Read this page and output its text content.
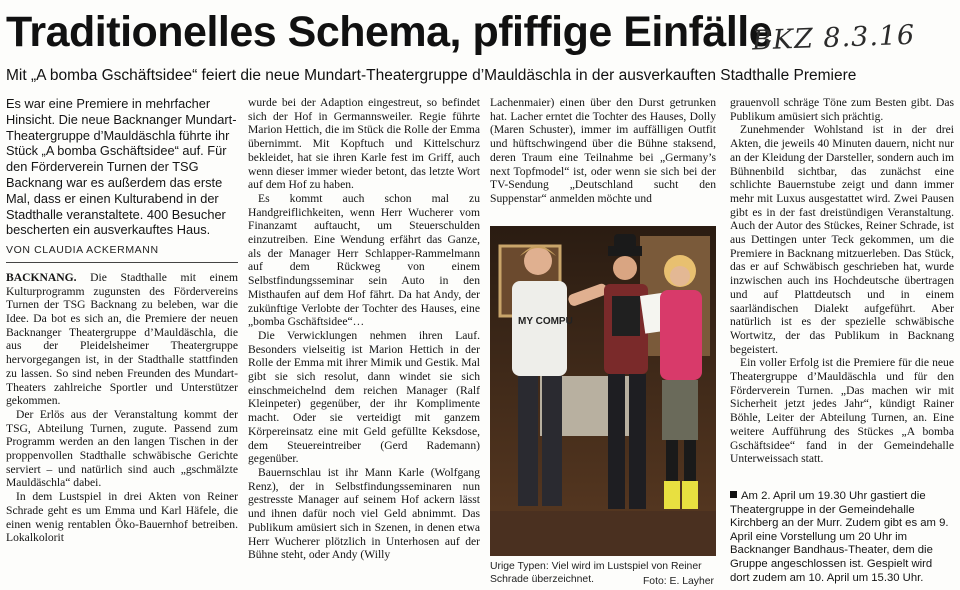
Traditionelles Schema, pfiffige Einfälle
BKZ 8.3.16
Mit „A bomba Gschäftsidee“ feiert die neue Mundart-Theatergruppe d’Mauldäschla in der ausverkauften Stadthalle Premiere

Es war eine Premiere in mehrfacher Hinsicht. Die neue Backnanger Mundart-Theatergruppe d’Mauldäschla führte ihr Stück „A bomba Gschäftsidee“ auf. Für den Förderverein Turnen der TSG Backnang war es außerdem das erste Mal, dass er einen Kulturabend in der Stadthalle veranstaltete. 400 Besucher bescherten ein ausverkauftes Haus.

VON CLAUDIA ACKERMANN

BACKNANG. Die Stadthalle mit einem Kulturprogramm zugunsten des Fördervereins Turnen der TSG Backnang zu beleben, war die Idee. Da bot es sich an, die Premiere der neuen Backnanger Theatergruppe d’Mauldäschla, die aus der Pleidelsheimer Theatergruppe hervorgegangen ist, in der Stadthalle stattfinden zu lassen. So sind neben Freunden des Mundart-Theaters zahlreiche Sportler und Unterstützer gekommen.

Der Erlös aus der Veranstaltung kommt der TSG, Abteilung Turnen, zugute. Passend zum Programm werden an den langen Tischen in der proppenvollen Stadthalle schwäbische Gerichte serviert – und natürlich sind auch „gschmälzte Mauldäschla“ dabei.

In dem Lustspiel in drei Akten von Reiner Schrade geht es um Emma und Karl Häfele, die einen wenig rentablen Öko-Bauernhof betreiben. Lokalkolorit

wurde bei der Adaption eingestreut, so befindet sich der Hof in Germannsweiler. Regie führte Marion Hettich, die im Stück die Rolle der Emma übernimmt. Mit Kopftuch und Kittelschurz bekleidet, hat sie ihren Karle fest im Griff, auch wenn dieser immer wieder betont, das letzte Wort auf dem Hof zu haben.

Es kommt auch schon mal zu Handgreiflichkeiten, wenn Herr Wucherer vom Finanzamt auftaucht, um Steuerschulden einzutreiben. Eine Wendung erfährt das Ganze, als der Manager Herr Schlapper-Rammelmann auf dem Rückweg von einem Selbstfindungsseminar sein Auto in den Misthaufen auf dem Hof fährt. Da hat Andy, der zukünftige Verlobte der Tochter des Hauses, eine „bomba Gschäftsidee“…

Die Verwicklungen nehmen ihren Lauf. Besonders vielseitig ist Marion Hettich in der Rolle der Emma mit ihrer Mimik und Gestik. Mal gibt sie sich resolut, dann windet sie sich einschmeichelnd dem reichen Manager (Ralf Kleinpeter) gegenüber, der ihr Komplimente macht. Oder sie verteidigt mit ganzem Körpereinsatz eine mit Geld gefüllte Keksdose, dem Steuereintreiber (Gerd Rademann) gegenüber.

Bauernschlau ist ihr Mann Karle (Wolfgang Renz), der in Selbstfindungsseminaren nun gestresste Manager auf seinem Hof ackern lässt und ihnen dafür noch viel Geld abnimmt. Das Publikum amüsiert sich in Szenen, in denen etwa Herr Wucherer plötzlich in Unterhosen auf der Bühne steht, oder Andy (Willy

Lachenmaier) einen über den Durst getrunken hat. Lacher erntet die Tochter des Hauses, Dolly (Maren Schuster), immer im auffälligen Outfit und hüftschwingend über die Bühne staksend, deren Traum eine Teilnahme bei „Germany’s next Topfmodel“ ist, oder wenn sie sich bei der TV-Sendung „Deutschland sucht den Suppenstar“ anmelden möchte und

MY COMPU
Urige Typen: Viel wird im Lustspiel von Reiner Schrade überzeichnet.	Foto: E. Layher

grauenvoll schräge Töne zum Besten gibt. Das Publikum amüsiert sich prächtig.

Zunehmender Wohlstand ist in der drei Akten, die jeweils 40 Minuten dauern, nicht nur an der Kleidung der Darsteller, sondern auch im Bühnenbild sichtbar, das zunächst eine schlichte Bauernstube zeigt und dann immer mehr mit Luxus ausgestattet wird. Zwei Pausen gibt es in der fast dreistündigen Veranstaltung. Auch der Autor des Stückes, Reiner Schrade, ist aus Dettingen unter Teck gekommen, um die Premiere in Backnang mitzuerleben. Das Stück, das er auf Schwäbisch geschrieben hat, wurde inzwischen auch ins Hochdeutsche übertragen und auf Plattdeutsch und in einem saarländischen Dialekt aufgeführt. Aber natürlich ist es der spezielle schwäbische Wortwitz, der das Publikum in Backnang begeistert.

Ein voller Erfolg ist die Premiere für die neue Theatergruppe d’Mauldäschla und für den Förderverein Turnen. „Das machen wir mit Sicherheit jetzt jedes Jahr“, kündigt Rainer Böhle, Leiter der Abteilung Turnen, an. Eine weitere Aufführung des Stückes „A bomba Gschäftsidee“ fand in der Gemeindehalle Unterweissach statt.

Am 2. April um 19.30 Uhr gastiert die Theatergruppe in der Gemeindehalle Kirchberg an der Murr. Zudem gibt es am 9. April eine Vorstellung um 20 Uhr im Backnanger Bandhaus-Theater, dem die Gruppe angeschlossen ist. Gespielt wird dort zudem am 10. April um 15.30 Uhr.
